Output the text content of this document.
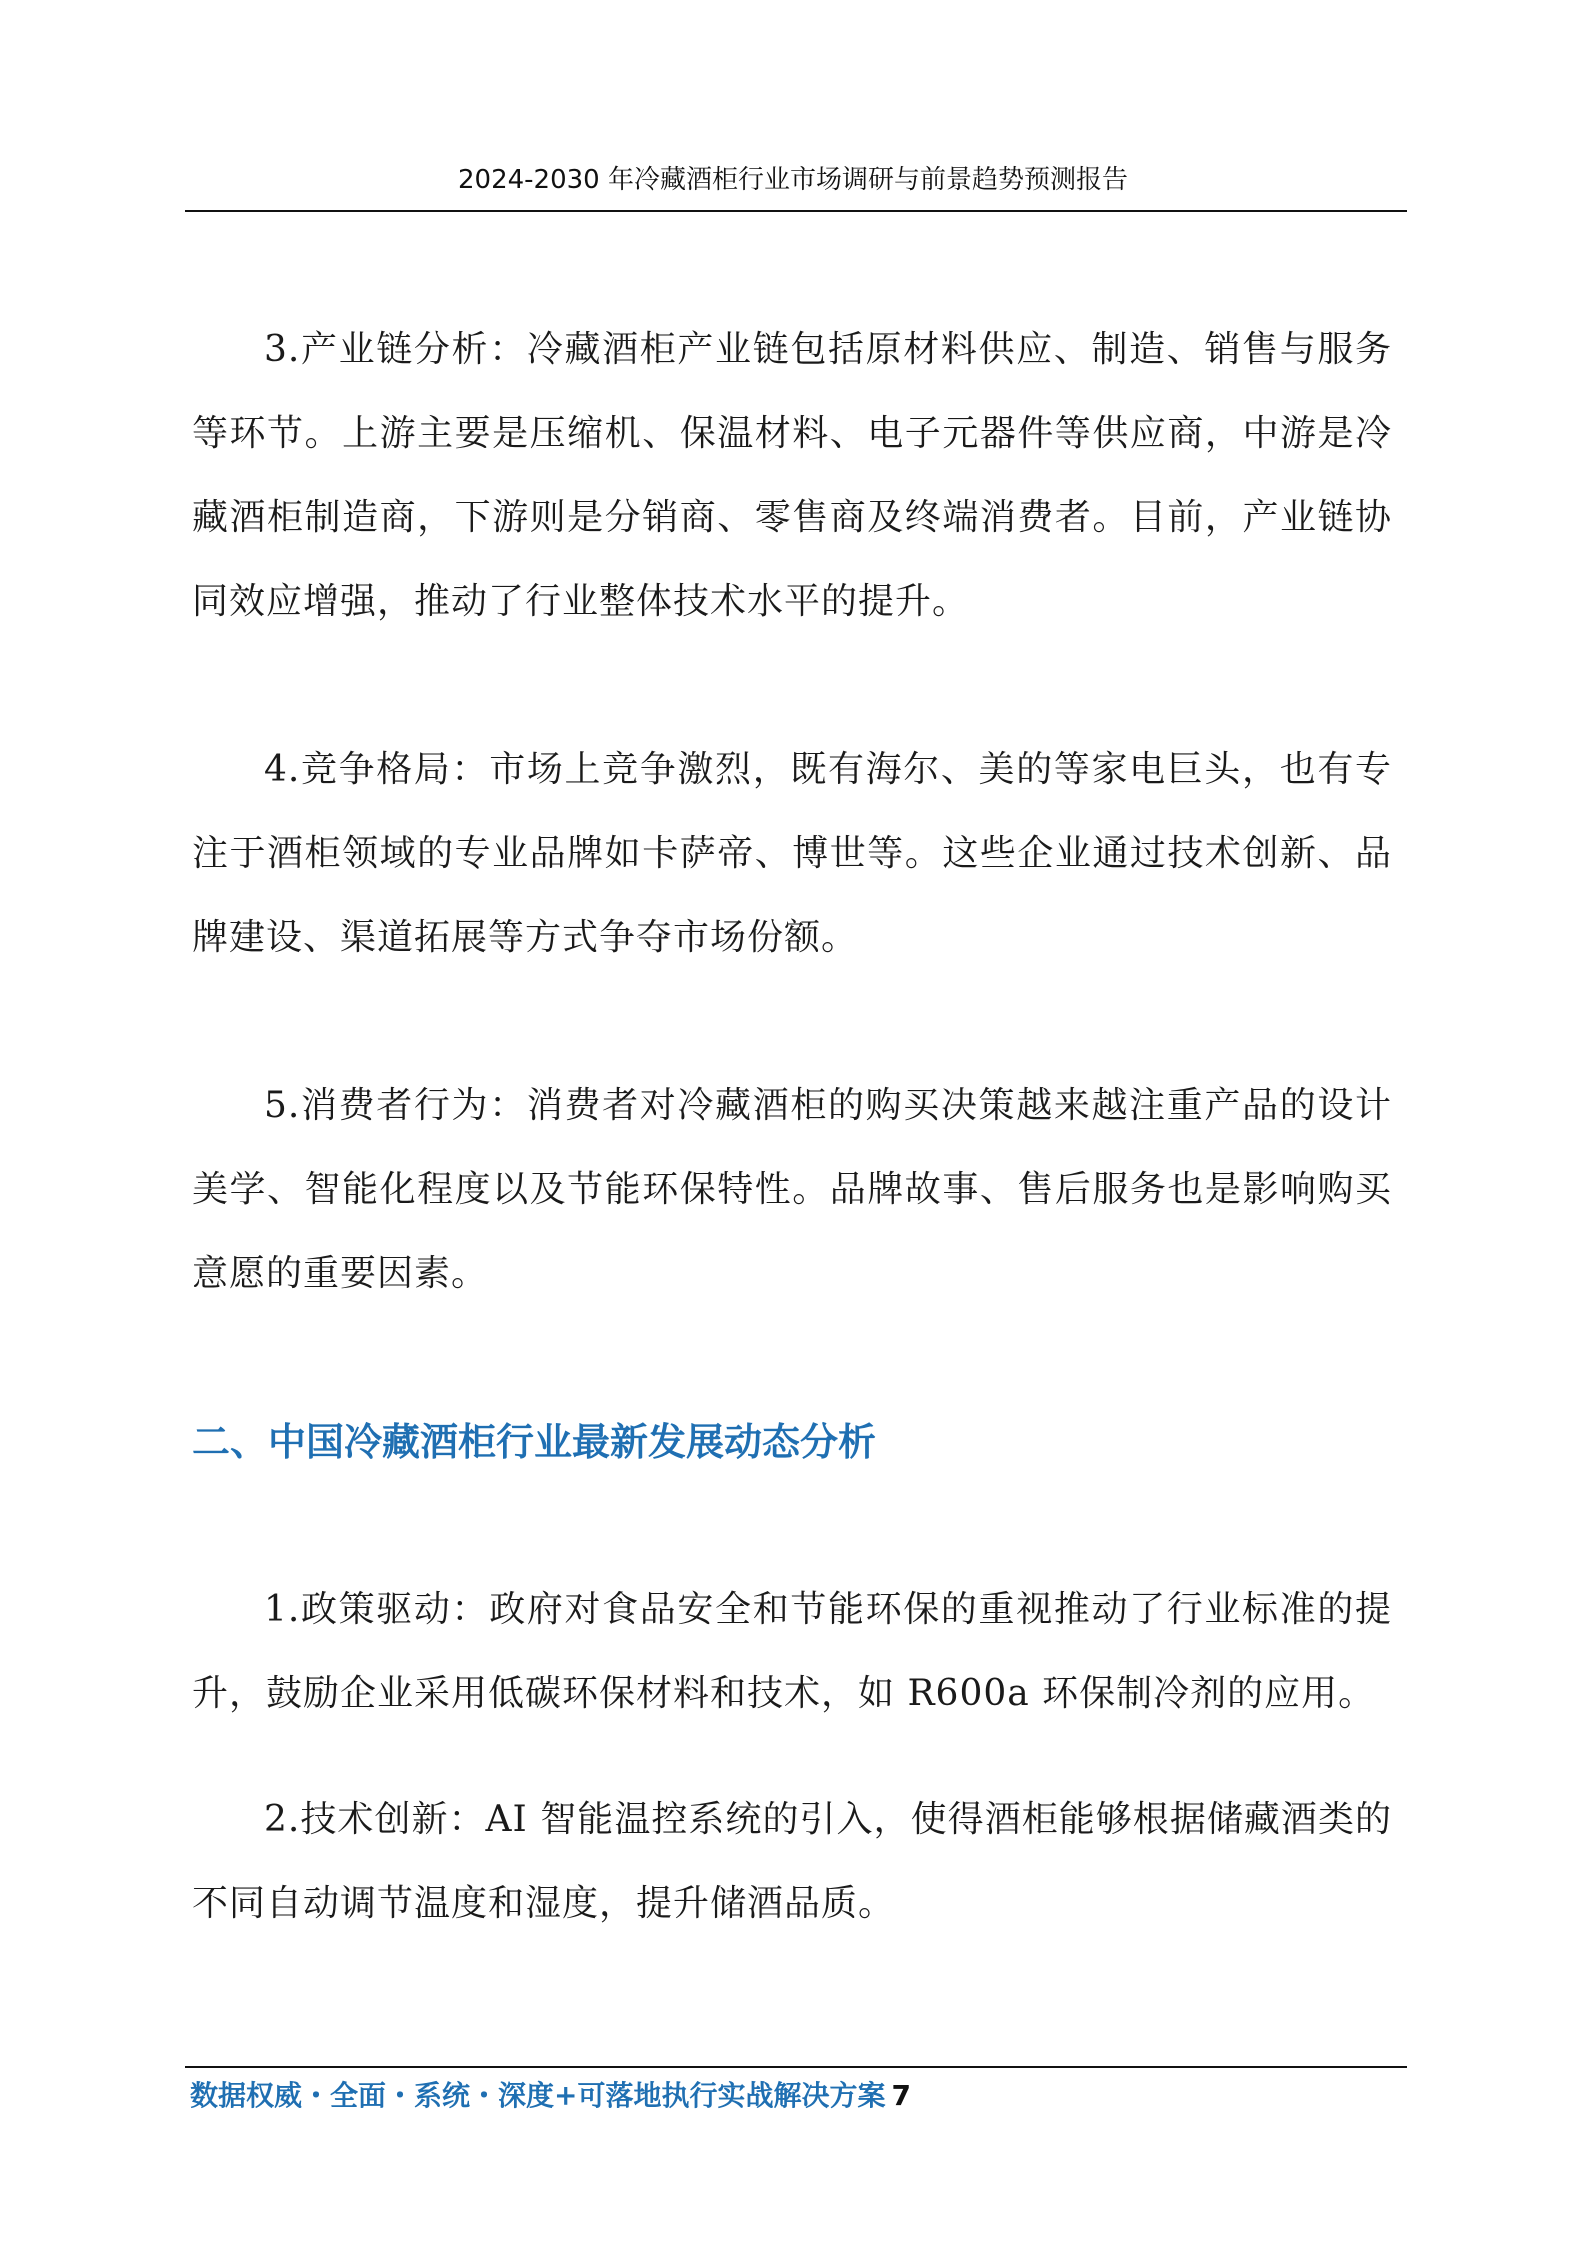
2024-2030 年冷藏酒柜行业市场调研与前景趋势预测报告

3.产业链分析：冷藏酒柜产业链包括原材料供应、制造、销售与服务等环节。上游主要是压缩机、保温材料、电子元器件等供应商，中游是冷藏酒柜制造商，下游则是分销商、零售商及终端消费者。目前，产业链协同效应增强，推动了行业整体技术水平的提升。

4.竞争格局：市场上竞争激烈，既有海尔、美的等家电巨头，也有专注于酒柜领域的专业品牌如卡萨帝、博世等。这些企业通过技术创新、品牌建设、渠道拓展等方式争夺市场份额。

5.消费者行为：消费者对冷藏酒柜的购买决策越来越注重产品的设计美学、智能化程度以及节能环保特性。品牌故事、售后服务也是影响购买意愿的重要因素。

二、中国冷藏酒柜行业最新发展动态分析

1.政策驱动：政府对食品安全和节能环保的重视推动了行业标准的提升，鼓励企业采用低碳环保材料和技术，如 R600a 环保制冷剂的应用。

2.技术创新：AI 智能温控系统的引入，使得酒柜能够根据储藏酒类的不同自动调节温度和湿度，提升储酒品质。

数据权威・全面・系统・深度+可落地执行实战解决方案 7
